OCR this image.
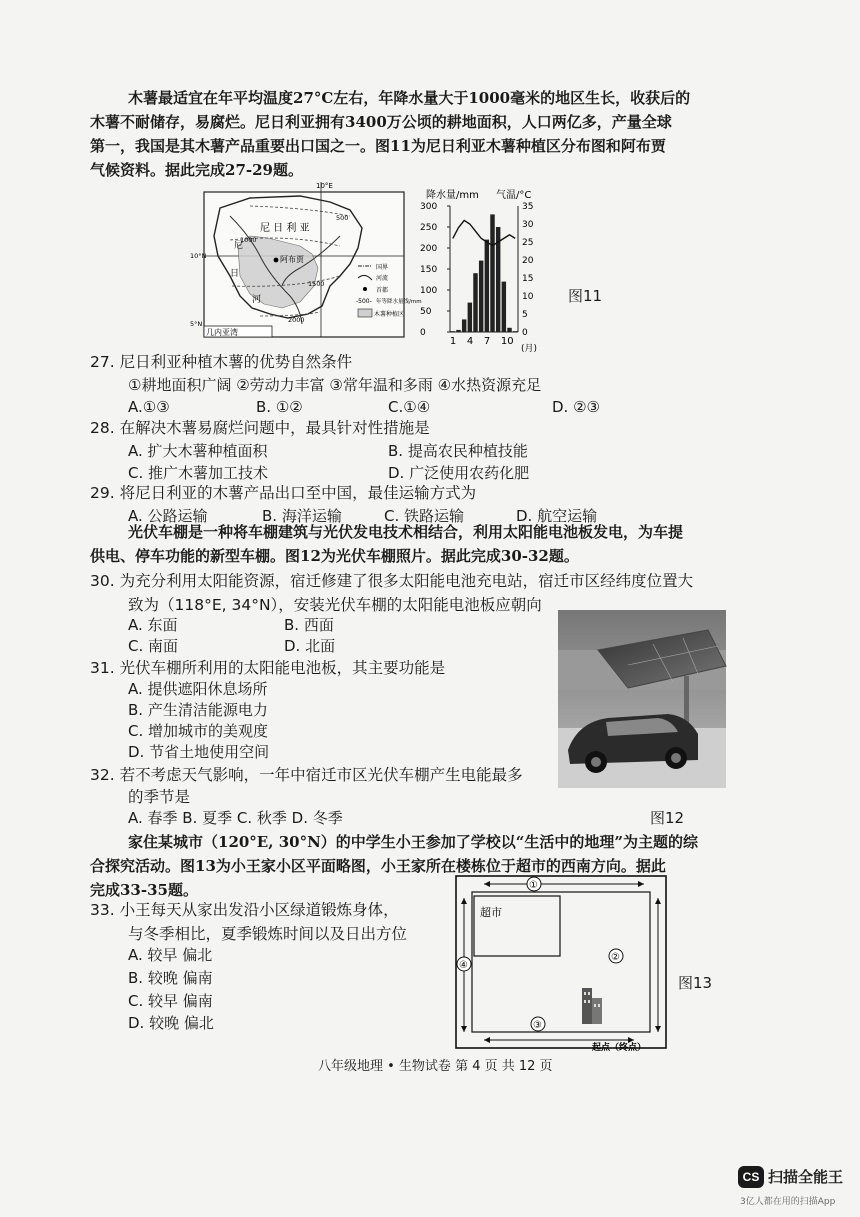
木薯最适宜在年平均温度27°C左右，年降水量大于1000毫米的地区生长，收获后的
木薯不耐储存，易腐烂。尼日利亚拥有3400万公顷的耕地面积，人口两亿多，产量全球
第一，我国是其木薯产品重要出口国之一。图11为尼日利亚木薯种植区分布图和阿布贾
气候资料。据此完成27-29题。
10°E
10°N
5°N
尼 日 利 亚
阿布贾
尼
日
河
500
1000
1500
2000
几内亚湾
国界
河流
首都
-500- 年等降水量线/mm
木薯种植区
降水量/mm 气温/°C
300
250
200
150
100
50
0
35
30
25
20
15
10
5
0
1 4 7 10
(月)
图11
27. 尼日利亚种植木薯的优势自然条件
①耕地面积广阔 ②劳动力丰富 ③常年温和多雨 ④水热资源充足
A.①③	B. ①②	C.①④	D. ②③
28. 在解决木薯易腐烂问题中，最具针对性措施是
A. 扩大木薯种植面积	B. 提高农民种植技能
C. 推广木薯加工技术	D. 广泛使用农药化肥
29. 将尼日利亚的木薯产品出口至中国，最佳运输方式为
A. 公路运输	B. 海洋运输	C. 铁路运输	D. 航空运输
光伏车棚是一种将车棚建筑与光伏发电技术相结合，利用太阳能电池板发电，为车提
供电、停车功能的新型车棚。图12为光伏车棚照片。据此完成30-32题。
30. 为充分利用太阳能资源，宿迁修建了很多太阳能电池充电站，宿迁市区经纬度位置大
致为（118°E, 34°N），安装光伏车棚的太阳能电池板应朝向
A. 东面	B. 西面
C. 南面	D. 北面
31. 光伏车棚所利用的太阳能电池板，其主要功能是
A. 提供遮阳休息场所
B. 产生清洁能源电力
C. 增加城市的美观度
D. 节省土地使用空间
32. 若不考虑天气影响，一年中宿迁市区光伏车棚产生电能最多
的季节是
A. 春季 B. 夏季 C. 秋季 D. 冬季	图12
家住某城市（120°E, 30°N）的中学生小王参加了学校以“生活中的地理”为主题的综
合探究活动。图13为小王家小区平面略图，小王家所在楼栋位于超市的西南方向。据此
完成33-35题。
33. 小王每天从家出发沿小区绿道锻炼身体，
与冬季相比，夏季锻炼时间以及日出方位
A. 较早 偏北
B. 较晚 偏南
C. 较早 偏南
D. 较晚 偏北
超市
①
②
③
④
起点（终点）
图13
八年级地理 • 生物试卷 第 4 页 共 12 页
CS 扫描全能王
3亿人都在用的扫描App
